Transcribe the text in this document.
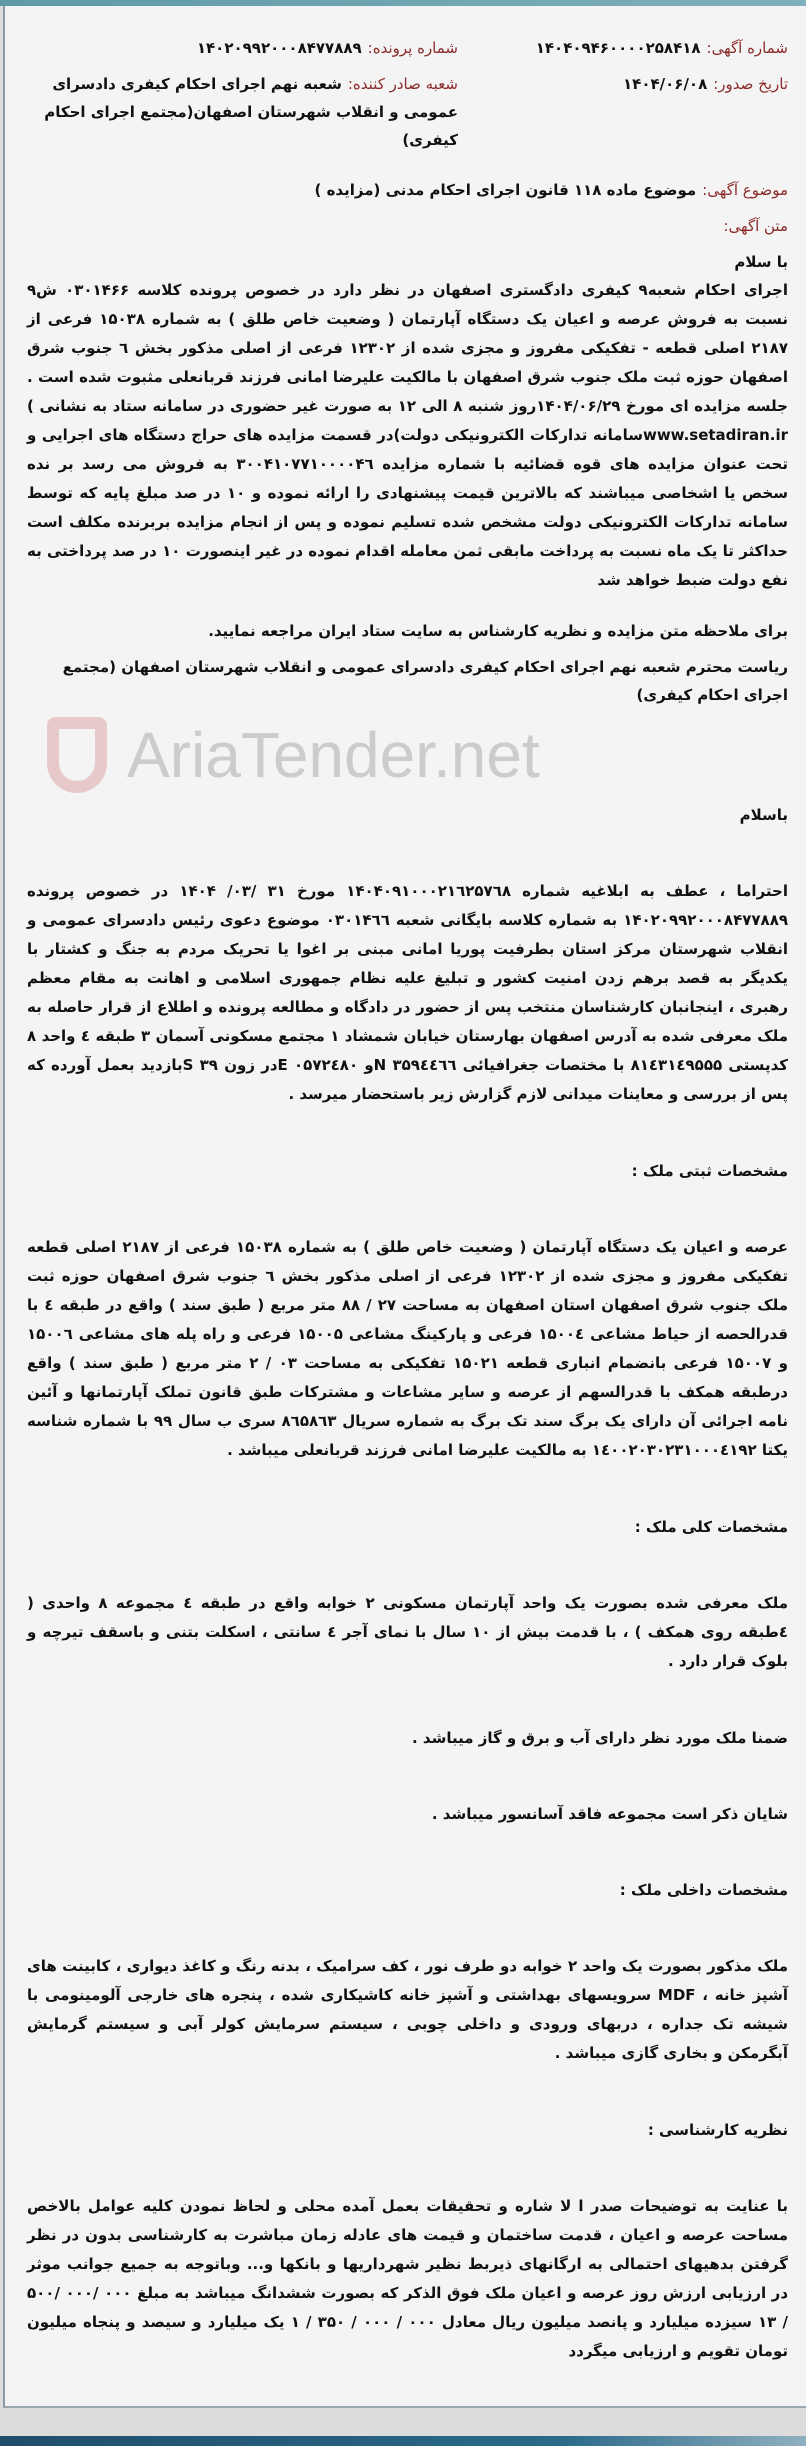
شماره آگهی:۱۴۰۴۰۹۴۶۰۰۰۰۲۵۸۴۱۸
شماره پرونده:۱۴۰۲۰۹۹۲۰۰۰۸۴۷۷۸۸۹
تاریخ صدور:۱۴۰۴/۰۶/۰۸
شعبه صادر کننده:شعبه نهم اجرای احکام کیفری دادسرای عمومی و انقلاب شهرستان اصفهان(مجتمع اجرای احکام کیفری)
موضوع آگهی:موضوع ماده ۱۱۸ قانون اجرای احکام مدنی (مزایده )
متن آگهی:
با سلام
اجرای احکام شعبه۹ کیفری دادگستری اصفهان در نظر دارد در خصوص پرونده کلاسه ۰۳۰۱۴۶۶ ش۹ نسبت به فروش عرصه و اعیان یک دستگاه آپارتمان ( وضعیت خاص طلق ) به شماره ۱۵۰۳۸ فرعی از ۲۱۸۷ اصلی قطعه - تفکیکی مفروز و مجزی شده از ۱۲۳۰۲ فرعی از اصلی مذکور بخش ٦ جنوب شرق اصفهان حوزه ثبت ملک جنوب شرق اصفهان با مالکیت علیرضا امانی فرزند قربانعلی مثبوت شده است . جلسه مزایده ای مورخ ۱۴۰۴/۰۶/۲۹روز شنبه ۸ الی ۱۲ به صورت غیر حضوری در سامانه ستاد به نشانی ) www.setadiran.irسامانه تدارکات الکترونیکی دولت)در قسمت مزایده های حراج دستگاه های اجرایی و تحت عنوان مزایده های قوه قضائیه با شماره مزایده ۳۰۰۴۱۰۷۷۱۰۰۰۰۴٦ به فروش می رسد بر نده سخص یا اشخاصی میباشند که بالاترین قیمت پیشنهادی را ارائه نموده و ۱۰ در صد مبلغ پایه که توسط سامانه تدارکات الکترونیکی دولت مشخص شده تسلیم نموده و پس از انجام مزایده بربرنده مکلف است حداکثر تا یک ماه نسبت به پرداخت مابقی ثمن معامله اقدام نموده در غیر اینصورت ۱۰ در صد پرداختی به نفع دولت ضبط خواهد شد
برای ملاحظه متن مزایده و نظریه کارشناس به سایت ستاد ایران مراجعه نمایید.
ریاست محترم شعبه نهم اجرای احکام کیفری دادسرای عمومی و انقلاب شهرستان اصفهان (مجتمع اجرای احکام کیفری)
AriaTender.net
باسلام
احتراما ، عطف به ابلاغیه شماره ۱۴۰۴۰۹۱۰۰۰۲۱٦۲۵۷٦۸ مورخ ۳۱ /۰۳/ ۱۴۰۴ در خصوص پرونده ۱۴۰۲۰۹۹۲۰۰۰۸۴۷۷۸۸۹ به شماره کلاسه بایگانی شعبه ۰۳۰۱۴٦٦ موضوع دعوی رئیس دادسرای عمومی و انقلاب شهرستان مرکز استان بطرفیت پوریا امانی مبنی بر اغوا یا تحریک مردم به جنگ و کشتار با یکدیگر به قصد برهم زدن امنیت کشور و تبلیغ علیه نظام جمهوری اسلامی و اهانت به مقام معظم رهبری ، اینجانبان کارشناسان منتخب پس از حضور در دادگاه و مطالعه پرونده و اطلاع از قرار حاصله به ملک معرفی شده به آدرس اصفهان بهارستان خیابان شمشاد ۱ مجتمع مسکونی آسمان ۳ طبقه ٤ واحد ۸ کدپستی ۸۱٤۳۱٤۹۵۵۵ با مختصات جغرافیائی ۳۵۹٤٤٦٦ Nو ۰۵۷۲٤۸۰ Eدر زون ۳۹ Sبازدید بعمل آورده که پس از بررسی و معاینات میدانی لازم گزارش زیر باستحضار میرسد .
مشخصات ثبتی ملک :
عرصه و اعیان یک دستگاه آپارتمان ( وضعیت خاص طلق ) به شماره ۱۵۰۳۸ فرعی از ۲۱۸۷ اصلی قطعه تفکیکی مفروز و مجزی شده از ۱۲۳۰۲ فرعی از اصلی مذکور بخش ٦ جنوب شرق اصفهان حوزه ثبت ملک جنوب شرق اصفهان استان اصفهان به مساحت ۲۷ / ۸۸ متر مربع ( طبق سند ) واقع در طبقه ٤ با قدرالحصه از حیاط مشاعی ۱۵۰۰٤ فرعی و پارکینگ مشاعی ۱۵۰۰۵ فرعی و راه پله های مشاعی ۱۵۰۰٦ و ۱۵۰۰۷ فرعی بانضمام انباری قطعه ۱۵۰۲۱ تفکیکی به مساحت ۰۳ / ۲ متر مربع ( طبق سند ) واقع درطبقه همکف با قدرالسهم از عرصه و سایر مشاعات و مشترکات طبق قانون تملک آپارتمانها و آئین نامه اجرائی آن دارای یک برگ سند تک برگ به شماره سریال ۸٦۵۸٦۳ سری ب سال ۹۹ با شماره شناسه یکتا ۱٤۰۰۲۰۳۰۲۳۱۰۰۰٤۱۹۲ به مالکیت علیرضا امانی فرزند قربانعلی میباشد .
مشخصات کلی ملک :
ملک معرفی شده بصورت یک واحد آپارتمان مسکونی ۲ خوابه واقع در طبقه ٤ مجموعه ۸ واحدی ( ٤طبقه روی همکف ) ، با قدمت بیش از ۱۰ سال با نمای آجر ٤ سانتی ، اسکلت بتنی و باسقف تیرچه و بلوک قرار دارد .
ضمنا ملک مورد نظر دارای آب و برق و گاز میباشد .
شایان ذکر است مجموعه فاقد آسانسور میباشد .
مشخصات داخلی ملک :
ملک مذکور بصورت یک واحد ۲ خوابه دو طرف نور ، کف سرامیک ، بدنه رنگ و کاغذ دیواری ، کابینت های آشپز خانه ، MDF سرویسهای بهداشتی و آشپز خانه کاشیکاری شده ، پنجره های خارجی آلومینومی با شیشه تک جداره ، دربهای ورودی و داخلی چوبی ، سیستم سرمایش کولر آبی و سیستم گرمایش آبگرمکن و بخاری گازی میباشد .
نظریه کارشناسی :
با عنایت به توضیحات صدر ا لا شاره و تحقیقات بعمل آمده محلی و لحاظ نمودن کلیه عوامل بالاخص مساحت عرصه و اعیان ، قدمت ساختمان و قیمت های عادله زمان مباشرت به کارشناسی بدون در نظر گرفتن بدهیهای احتمالی به ارگانهای ذیربط نظیر شهرداریها و بانکها و... وباتوجه به جمیع جوانب موثر در ارزیابی ارزش روز عرصه و اعیان ملک فوق الذکر که بصورت ششدانگ میباشد به مبلغ ۰۰۰ /۰۰۰ /۵۰۰ / ۱۳ سیزده میلیارد و پانصد میلیون ریال معادل ۰۰۰ / ۰۰۰ / ۳۵۰ / ۱ یک میلیارد و سیصد و پنجاه میلیون تومان تقویم و ارزیابی میگردد
